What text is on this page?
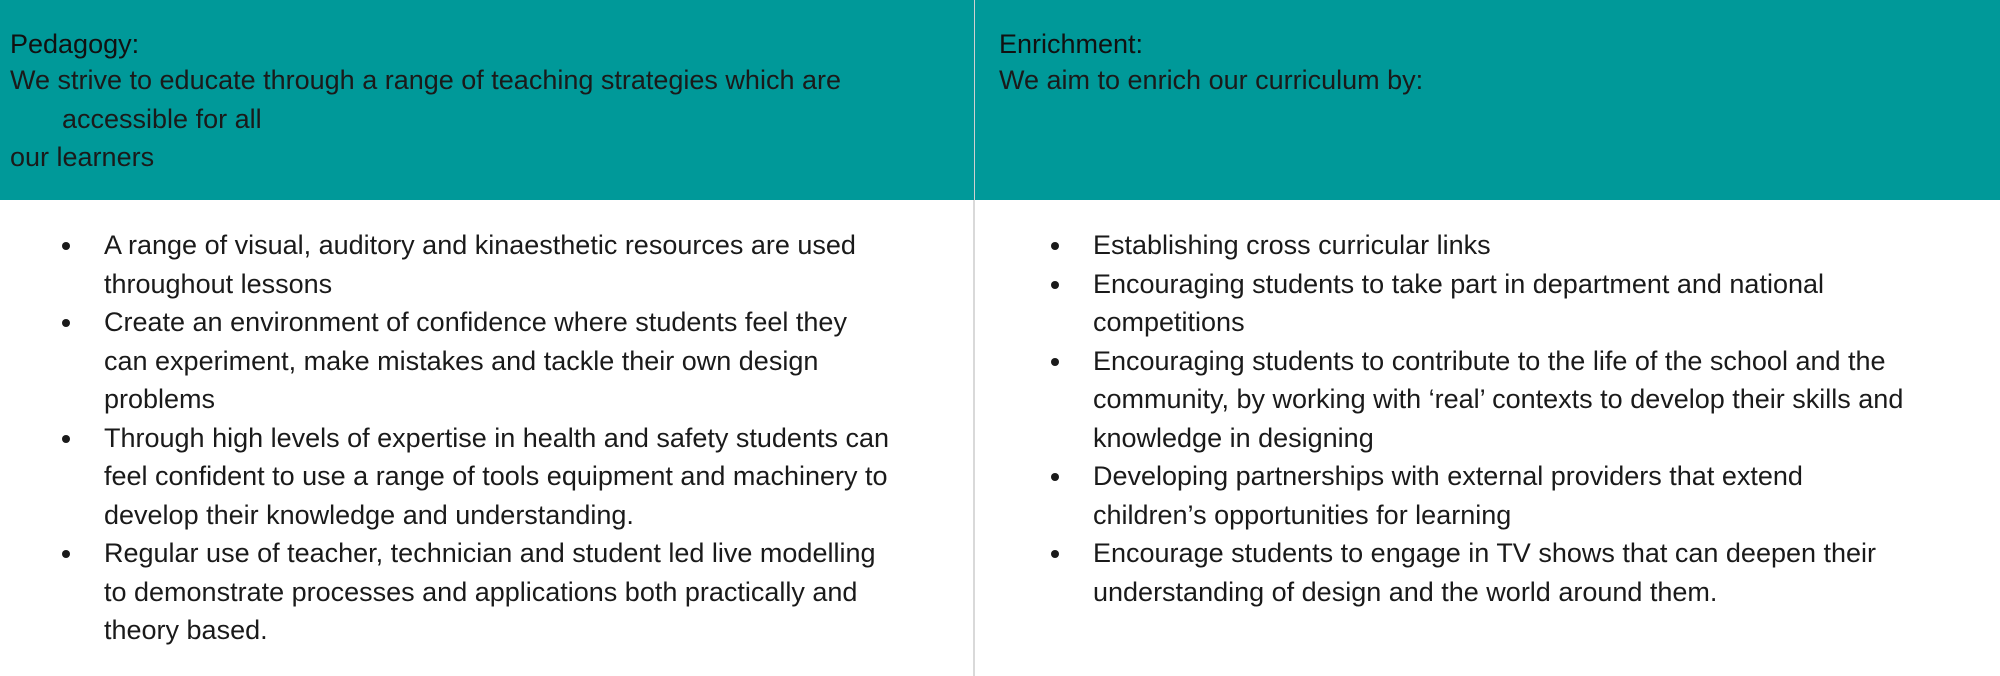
Pedagogy:
We strive to educate through a range of teaching strategies which are
accessible for all
our learners
Enrichment:
We aim to enrich our curriculum by:
A range of visual, auditory and kinaesthetic resources are used
throughout lessons
Create an environment of confidence where students feel they
can experiment, make mistakes and tackle their own design
problems
Through high levels of expertise in health and safety students can
feel confident to use a range of tools equipment and machinery to
develop their knowledge and understanding.
Regular use of teacher, technician and student led live modelling
to demonstrate processes and applications both practically and
theory based.
Establishing cross curricular links
Encouraging students to take part in department and national
competitions
Encouraging students to contribute to the life of the school and the
community, by working with ‘real’ contexts to develop their skills and
knowledge in designing
Developing partnerships with external providers that extend
children’s opportunities for learning
Encourage students to engage in TV shows that can deepen their
understanding of design and the world around them.
